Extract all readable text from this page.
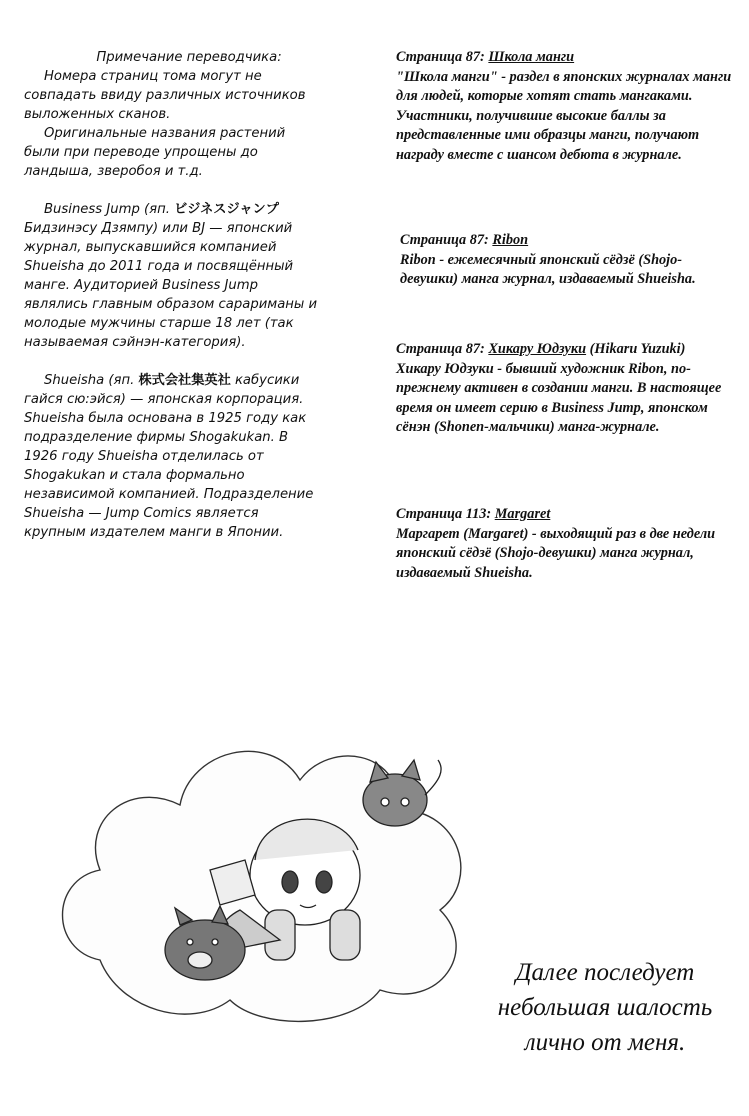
Примечание переводчика:

Номера страниц тома могут не совпадать ввиду различных источников выложенных сканов.

Оригинальные названия растений были при переводе упрощены до ландыша, зверобоя и т.д.

Business Jump (яп. ビジネスジャンプ Бидзинэсу Дзямпу) или BJ — японский журнал, выпускавшийся компанией Shueisha до 2011 года и посвящённый манге. Аудиторией Business Jump являлись главным образом сарариманы и молодые мужчины старше 18 лет (так называемая сэйнэн-категория).

Shueisha (яп. 株式会社集英社 кабусики гайся сю:эйся) — японская корпорация. Shueisha была основана в 1925 году как подразделение фирмы Shogakukan. В 1926 году Shueisha отделилась от Shogakukan и стала формально независимой компанией. Подразделение Shueisha — Jump Comics является крупным издателем манги в Японии.

Страница 87: Школа манги

"Школа манги" - раздел в японских журналах манги для людей, которые хотят стать мангаками. Участники, получившие высокие баллы за представленные ими образцы манги, получают награду вместе с шансом дебюта в журнале.

Страница 87: Ribon

Ribon - ежемесячный японский сёдзё (Shojo-девушки) манга журнал, издаваемый Shueisha.

Страница 87: Хикару Юдзуки (Hikaru Yuzuki)

Хикару Юдзуки - бывший художник Ribon, по-прежнему активен в создании манги. В настоящее время он имеет серию в Business Jump, японском сёнэн (Shonen-мальчики) манга-журнале.

Страница 113: Margaret

Маргарет (Margaret) - выходящий раз в две недели японский сёдзё (Shojo-девушки) манга журнал, издаваемый Shueisha.

Далее последует

небольшая шалость

лично от меня.
